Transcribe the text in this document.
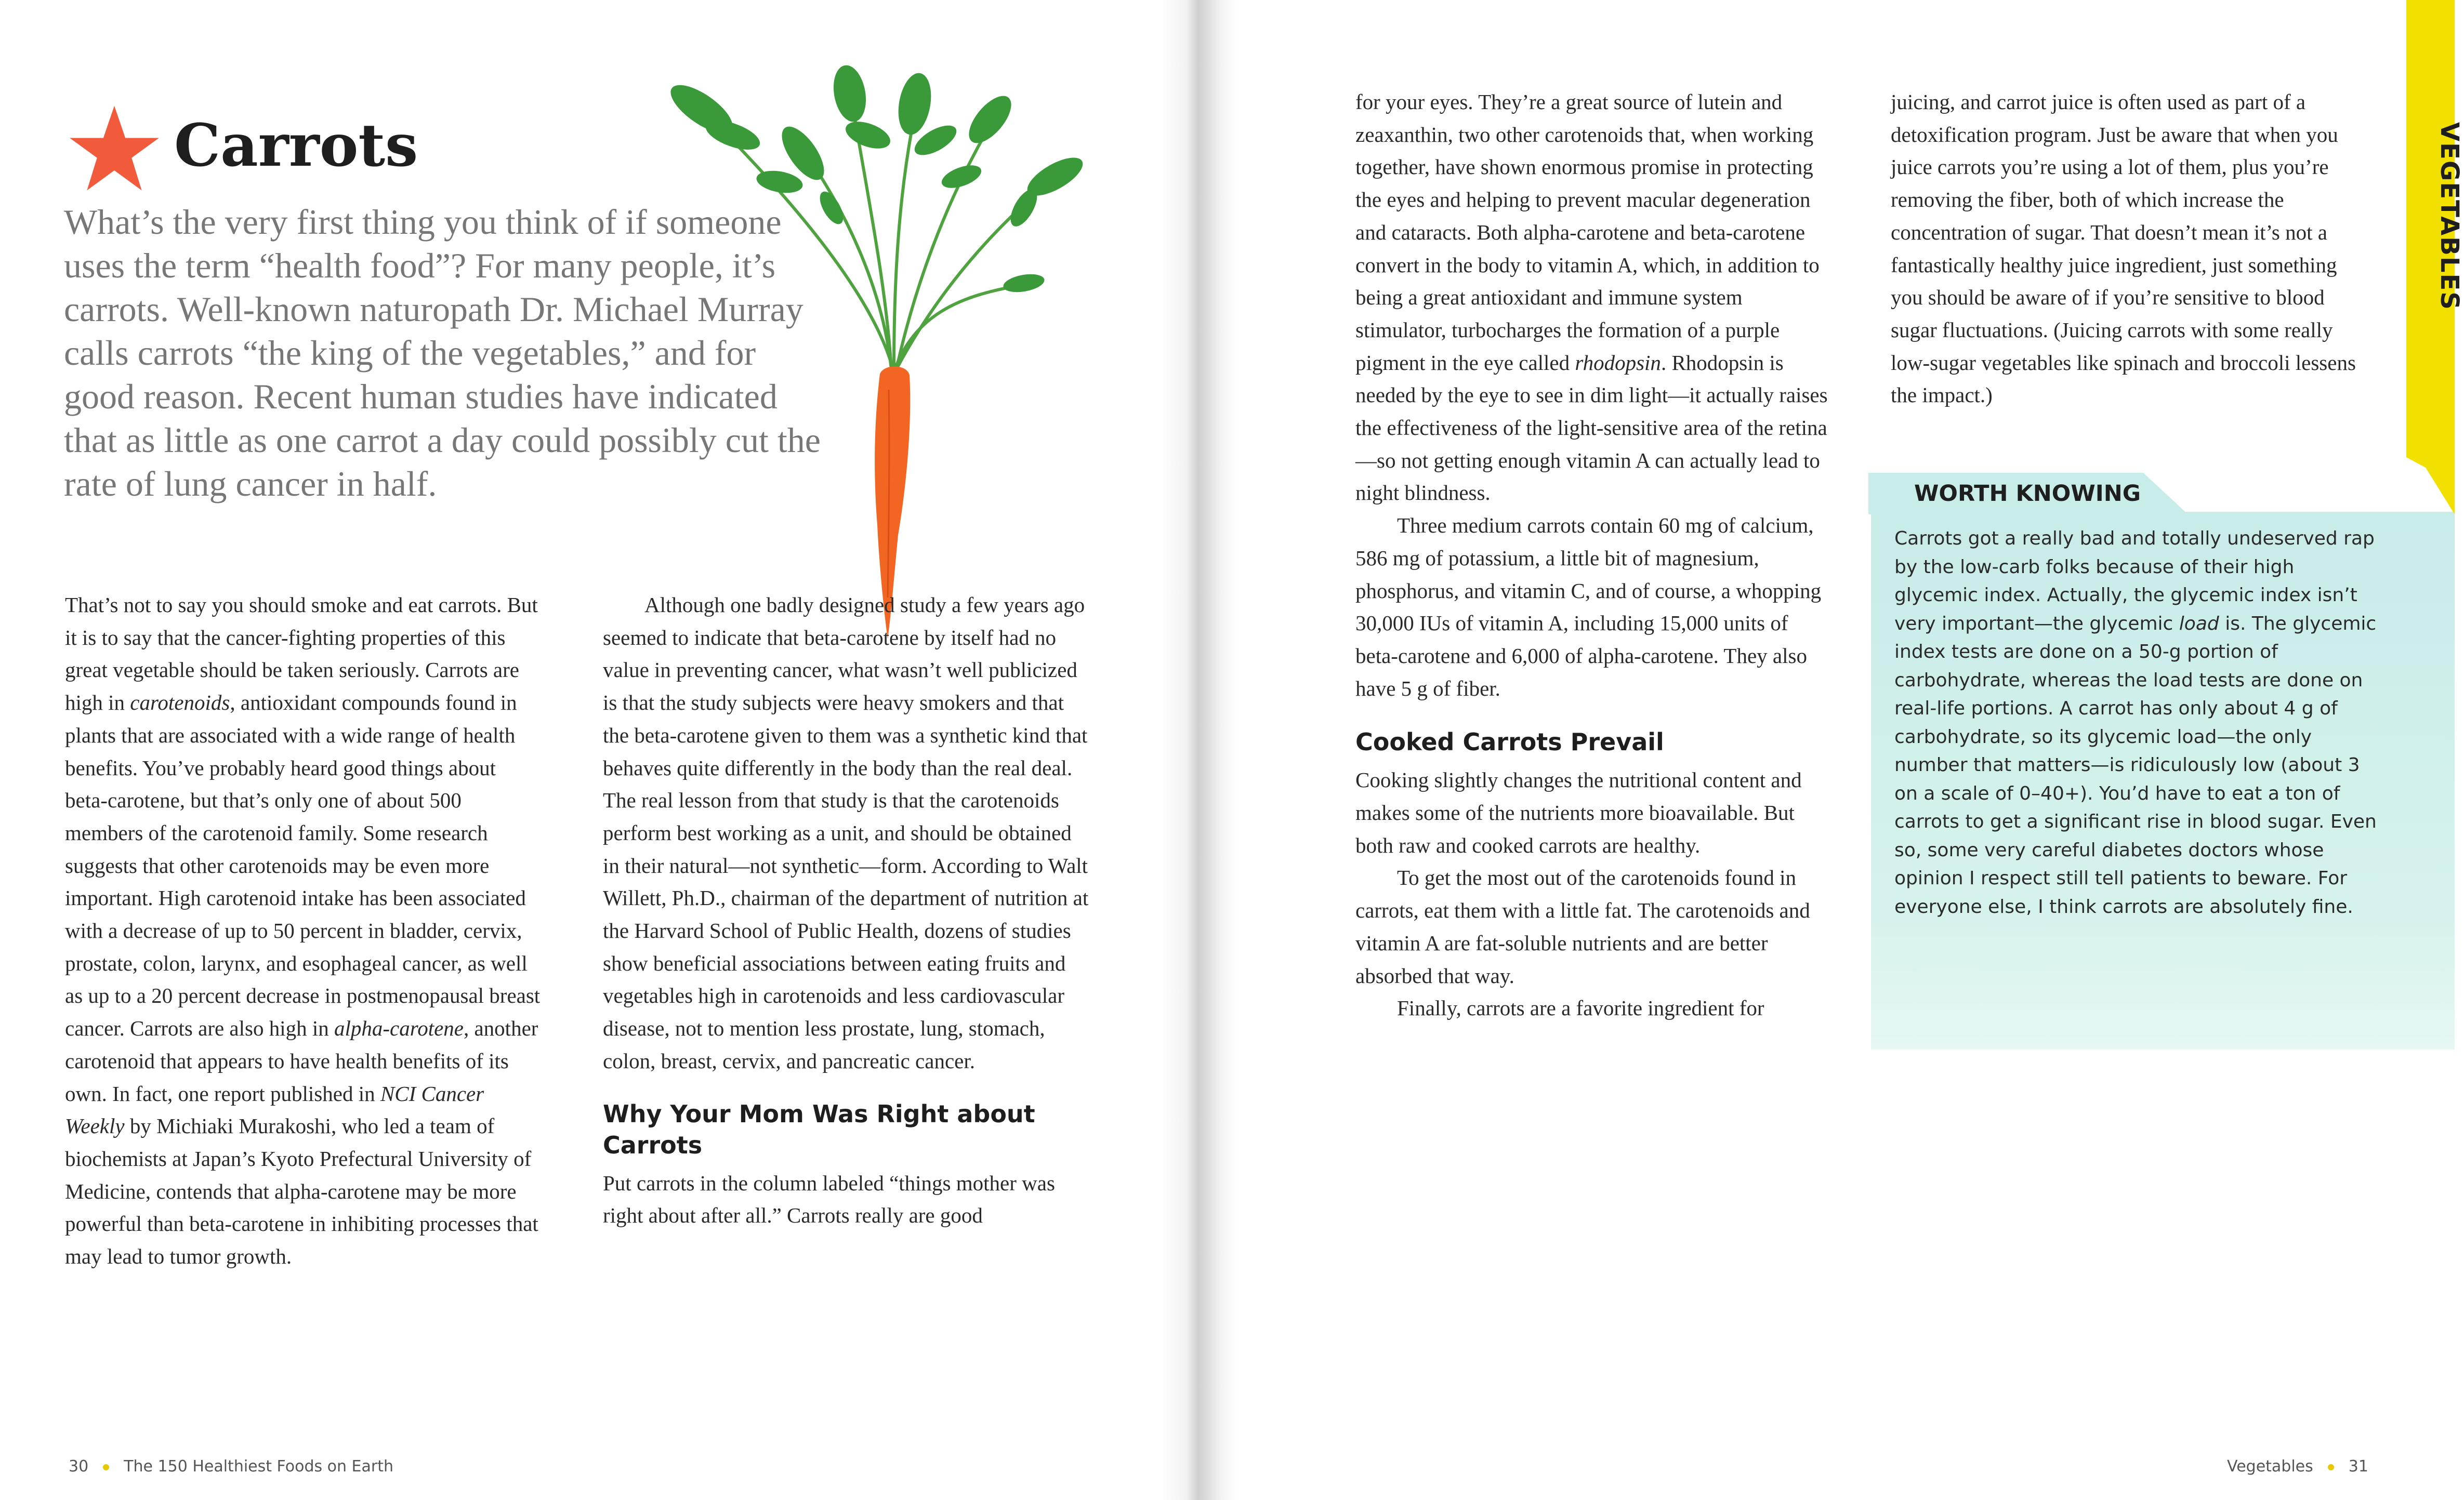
Carrots
What’s the very first thing you think of if someone uses the term “health food”? For many people, it’s carrots. Well-known naturopath Dr. Michael Murray calls carrots “the king of the vegetables,” and for good reason. Recent human studies have indicated that as little as one carrot a day could possibly cut the rate of lung cancer in half.

That’s not to say you should smoke and eat carrots. But it is to say that the cancer-fighting properties of this great vegetable should be taken seriously. Carrots are high in carotenoids, antioxidant compounds found in plants that are associated with a wide range of health benefits. You’ve probably heard good things about beta-carotene, but that’s only one of about 500 members of the carotenoid family. Some research suggests that other carotenoids may be even more important. High carotenoid intake has been associated with a decrease of up to 50 percent in bladder, cervix, prostate, colon, larynx, and esophageal cancer, as well as up to a 20 percent decrease in postmenopausal breast cancer. Carrots are also high in alpha-carotene, another carotenoid that appears to have health benefits of its own. In fact, one report published in NCI Cancer Weekly by Michiaki Murakoshi, who led a team of biochemists at Japan’s Kyoto Prefectural University of Medicine, contends that alpha-carotene may be more powerful than beta-carotene in inhibiting processes that may lead to tumor growth.

Although one badly designed study a few years ago seemed to indicate that beta-carotene by itself had no value in preventing cancer, what wasn’t well publicized is that the study subjects were heavy smokers and that the beta-carotene given to them was a synthetic kind that behaves quite differently in the body than the real deal. The real lesson from that study is that the carotenoids perform best working as a unit, and should be obtained in their natural—not synthetic—form. According to Walt Willett, Ph.D., chairman of the department of nutrition at the Harvard School of Public Health, dozens of studies show beneficial associations between eating fruits and vegetables high in carotenoids and less cardiovascular disease, not to mention less prostate, lung, stomach, colon, breast, cervix, and pancreatic cancer.

Why Your Mom Was Right about Carrots

Put carrots in the column labeled “things mother was right about after all.” Carrots really are good

30 The 150 Healthiest Foods on Earth

for your eyes. They’re a great source of lutein and zeaxanthin, two other carotenoids that, when working together, have shown enormous promise in protecting the eyes and helping to prevent macular degeneration and cataracts. Both alpha-carotene and beta-carotene convert in the body to vitamin A, which, in addition to being a great antioxidant and immune system stimulator, turbocharges the formation of a purple pigment in the eye called rhodopsin. Rhodopsin is needed by the eye to see in dim light—it actually raises the effectiveness of the light-sensitive area of the retina—so not getting enough vitamin A can actually lead to night blindness.

Three medium carrots contain 60 mg of calcium, 586 mg of potassium, a little bit of magnesium, phosphorus, and vitamin C, and of course, a whopping 30,000 IUs of vitamin A, including 15,000 units of beta-carotene and 6,000 of alpha-carotene. They also have 5 g of fiber.

Cooked Carrots Prevail

Cooking slightly changes the nutritional content and makes some of the nutrients more bioavailable. But both raw and cooked carrots are healthy.

To get the most out of the carotenoids found in carrots, eat them with a little fat. The carotenoids and vitamin A are fat-soluble nutrients and are better absorbed that way.

Finally, carrots are a favorite ingredient for

juicing, and carrot juice is often used as part of a detoxification program. Just be aware that when you juice carrots you’re using a lot of them, plus you’re removing the fiber, both of which increase the concentration of sugar. That doesn’t mean it’s not a fantastically healthy juice ingredient, just something you should be aware of if you’re sensitive to blood sugar fluctuations. (Juicing carrots with some really low-sugar vegetables like spinach and broccoli lessens the impact.)

WORTH KNOWING
Carrots got a really bad and totally undeserved rap by the low-carb folks because of their high glycemic index. Actually, the glycemic index isn’t very important—the glycemic load is. The glycemic index tests are done on a 50-g portion of carbohydrate, whereas the load tests are done on real-life portions. A carrot has only about 4 g of carbohydrate, so its glycemic load—the only number that matters—is ridiculously low (about 3 on a scale of 0–40+). You’d have to eat a ton of carrots to get a significant rise in blood sugar. Even so, some very careful diabetes doctors whose opinion I respect still tell patients to beware. For everyone else, I think carrots are absolutely fine.
VEGETABLES
Vegetables 31
